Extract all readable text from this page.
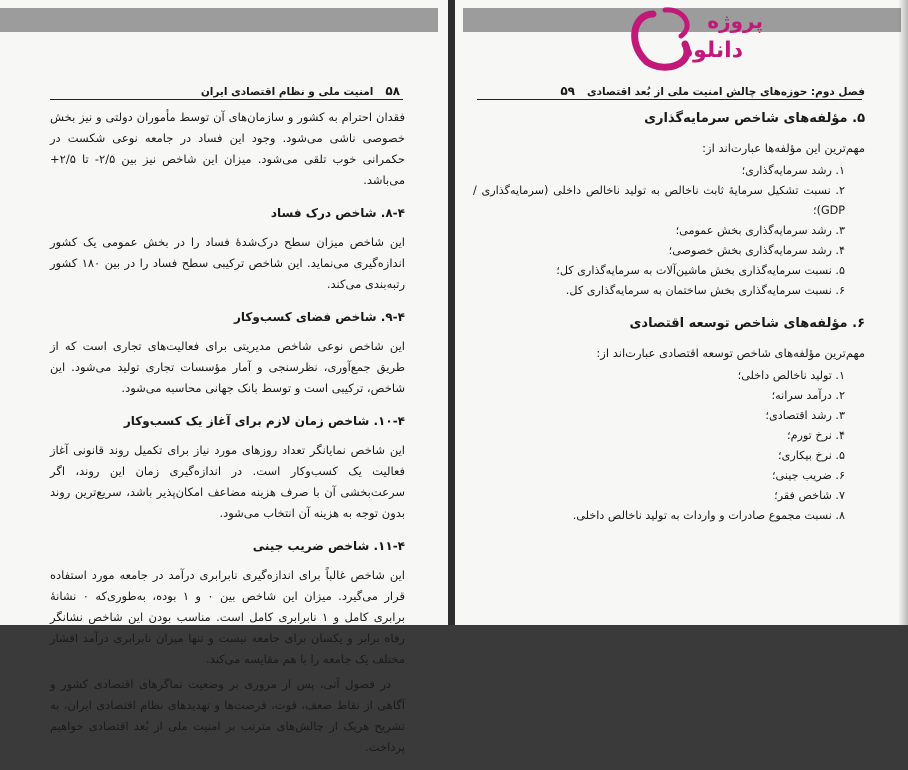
۵۸
امنیت ملی و نظام اقتصادی ایران

فقدان احترام به کشور و سازمان‌های آن توسط مأموران دولتی و نیز بخش خصوصی ناشی می‌شود. وجود این فساد در جامعه نوعی شکست در حکمرانی خوب تلقی می‌شود. میزان این شاخص نیز بین ۲/۵- تا ۲/۵+ می‌باشد.

۸-۴. شاخص درک فساد

این شاخص میزان سطح درک‌شدهٔ فساد را در بخش عمومی یک کشور اندازه‌گیری می‌نماید. این شاخص ترکیبی سطح فساد را در بین ۱۸۰ کشور رتبه‌بندی می‌کند.

۹-۴. شاخص فضای کسب‌وکار

این شاخص نوعی شاخص مدیریتی برای فعالیت‌های تجاری است که از طریق جمع‌آوری، نظرسنجی و آمار مؤسسات تجاری تولید می‌شود. این شاخص، ترکیبی است و توسط بانک جهانی محاسبه می‌شود.

۱۰-۴. شاخص زمان لازم برای آغاز یک کسب‌وکار

این شاخص نمایانگر تعداد روزهای مورد نیاز برای تکمیل روند قانونی آغاز فعالیت یک کسب‌وکار است. در اندازه‌گیری زمان این روند، اگر سرعت‌بخشی آن با صرف هزینه مضاعف امکان‌پذیر باشد، سریع‌ترین روند بدون توجه به هزینه آن انتخاب می‌شود.

۱۱-۴. شاخص ضریب جینی

این شاخص غالباً برای اندازه‌گیری نابرابری درآمد در جامعه مورد استفاده قرار می‌گیرد. میزان این شاخص بین ۰ و ۱ بوده، به‌طوری‌که ۰ نشانهٔ برابری کامل و ۱ نابرابری کامل است. مناسب بودن این شاخص نشانگر رفاه برابر و یکسان برای جامعه نیست و تنها میزان نابرابری درآمد اقشار مختلف یک جامعه را با هم مقایسه می‌کند.

در فصول آتی، پس از مروری بر وضعیت نماگرهای اقتصادی کشور و آگاهی از نقاط ضعف، قوت، فرصت‌ها و تهدیدهای نظام اقتصادی ایران، به تشریح هریک از چالش‌های مترتب بر امنیت ملی از بُعد اقتصادی خواهیم پرداخت.

فصل دوم: حوزه‌های چالش امنیت ملی از بُعد اقتصادی
۵۹
۵. مؤلفه‌های شاخص سرمایه‌گذاری

مهم‌ترین این مؤلفه‌ها عبارت‌اند از:

۱. رشد سرمایه‌گذاری؛
۲. نسبت تشکیل سرمایهٔ ثابت ناخالص به تولید ناخالص داخلی (سرمایه‌گذاری / GDP)؛
۳. رشد سرمایه‌گذاری بخش عمومی؛
۴. رشد سرمایه‌گذاری بخش خصوصی؛
۵. نسبت سرمایه‌گذاری بخش ماشین‌آلات به سرمایه‌گذاری کل؛
۶. نسبت سرمایه‌گذاری بخش ساختمان به سرمایه‌گذاری کل.
۶. مؤلفه‌های شاخص توسعه اقتصادی

مهم‌ترین مؤلفه‌های شاخص توسعه اقتصادی عبارت‌اند از:

۱. تولید ناخالص داخلی؛
۲. درآمد سرانه؛
۳. رشد اقتصادی؛
۴. نرخ تورم؛
۵. نرخ بیکاری؛
۶. ضریب جینی؛
۷. شاخص فقر؛
۸. نسبت مجموع صادرات و واردات به تولید ناخالص داخلی.
پروژه
دانلود
